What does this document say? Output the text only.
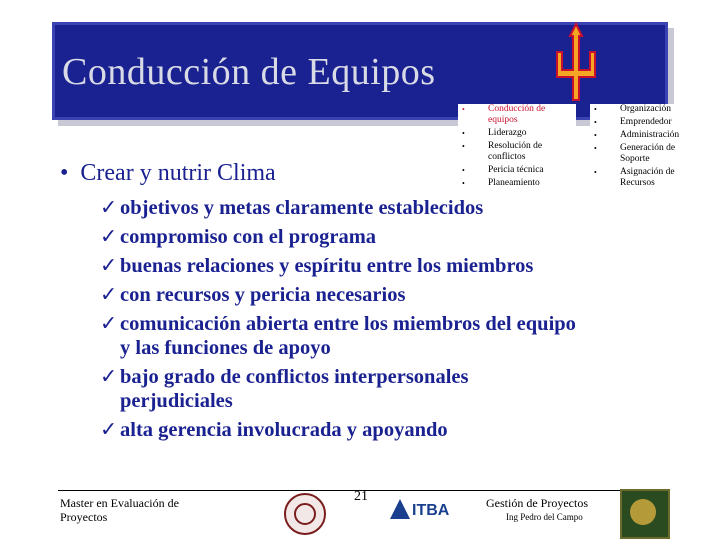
Conducción de Equipos
• Conducción de equipos
• Liderazgo
• Resolución de conflictos
• Pericia técnica
• Planeamiento
• Organización
• Emprendedor
• Administración
• Generación de Soporte
• Asignación de Recursos
• Crear y nutrir Clima
✓ objetivos y metas claramente establecidos
✓ compromiso con el programa
✓ buenas relaciones y espíritu entre los miembros
✓ con recursos y pericia necesarios
✓ comunicación abierta entre los miembros del equipo
y las funciones de apoyo
✓ bajo grado de conflictos interpersonales
perjudiciales
✓ alta gerencia involucrada y apoyando
Master en Evaluación de Proyectos
21
ITBA	Gestión de Proyectos
Ing Pedro del Campo
